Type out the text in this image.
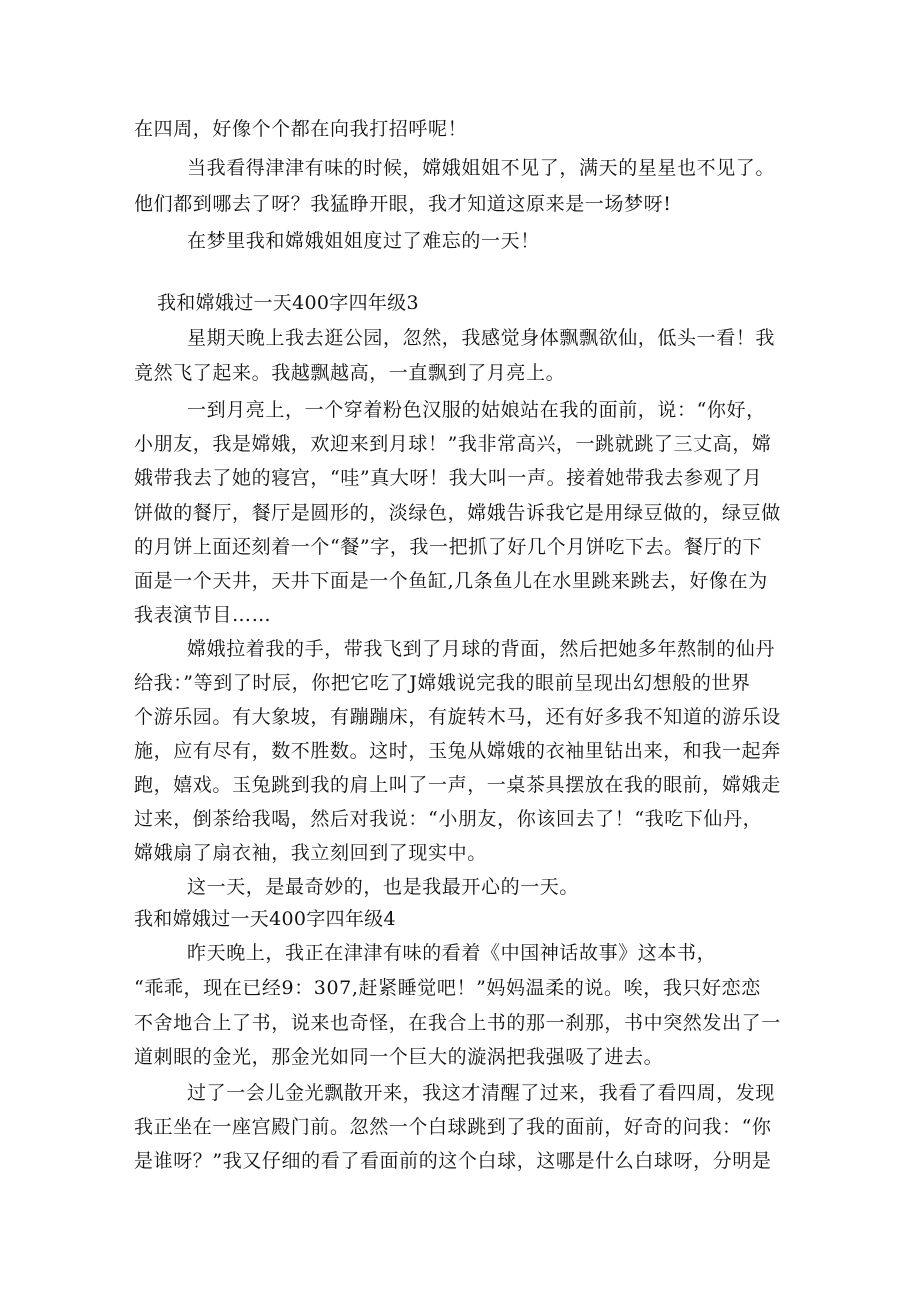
在四周，好像个个都在向我打招呼呢！
当我看得津津有味的时候，嫦娥姐姐不见了，满天的星星也不见了。
他们都到哪去了呀？我猛睁开眼，我才知道这原来是一场梦呀!
在梦里我和嫦娥姐姐度过了难忘的一天！
我和嫦娥过一天400字四年级3
星期天晚上我去逛公园，忽然，我感觉身体飘飘欲仙，低头一看！我
竟然飞了起来。我越飘越高，一直飘到了月亮上。
一到月亮上，一个穿着粉色汉服的姑娘站在我的面前，说：“你好，
小朋友，我是嫦娥，欢迎来到月球！”我非常高兴，一跳就跳了三丈高，嫦
娥带我去了她的寝宫，“哇”真大呀！我大叫一声。接着她带我去参观了月
饼做的餐厅，餐厅是圆形的，淡绿色，嫦娥告诉我它是用绿豆做的，绿豆做
的月饼上面还刻着一个“餐”字，我一把抓了好几个月饼吃下去。餐厅的下
面是一个天井，天井下面是一个鱼缸,几条鱼儿在水里跳来跳去，好像在为
我表演节目……
嫦娥拉着我的手，带我飞到了月球的背面，然后把她多年熬制的仙丹
给我：”等到了时辰，你把它吃了J嫦娥说完我的眼前呈现出幻想般的世界
个游乐园。有大象坡，有蹦蹦床，有旋转木马，还有好多我不知道的游乐设
施，应有尽有，数不胜数。这时，玉兔从嫦娥的衣袖里钻出来，和我一起奔
跑，嬉戏。玉兔跳到我的肩上叫了一声，一桌茶具摆放在我的眼前，嫦娥走
过来，倒茶给我喝，然后对我说：“小朋友，你该回去了！“我吃下仙丹，
嫦娥扇了扇衣袖，我立刻回到了现实中。
这一天，是最奇妙的，也是我最开心的一天。
我和嫦娥过一天400字四年级4
昨天晚上，我正在津津有味的看着《中国神话故事》这本书，
“乖乖，现在已经9：307,赶紧睡觉吧！”妈妈温柔的说。唉，我只好恋恋
不舍地合上了书，说来也奇怪，在我合上书的那一刹那，书中突然发出了一
道刺眼的金光，那金光如同一个巨大的漩涡把我强吸了进去。
过了一会儿金光飘散开来，我这才清醒了过来，我看了看四周，发现
我正坐在一座宫殿门前。忽然一个白球跳到了我的面前，好奇的问我：“你
是谁呀？”我又仔细的看了看面前的这个白球，这哪是什么白球呀，分明是
